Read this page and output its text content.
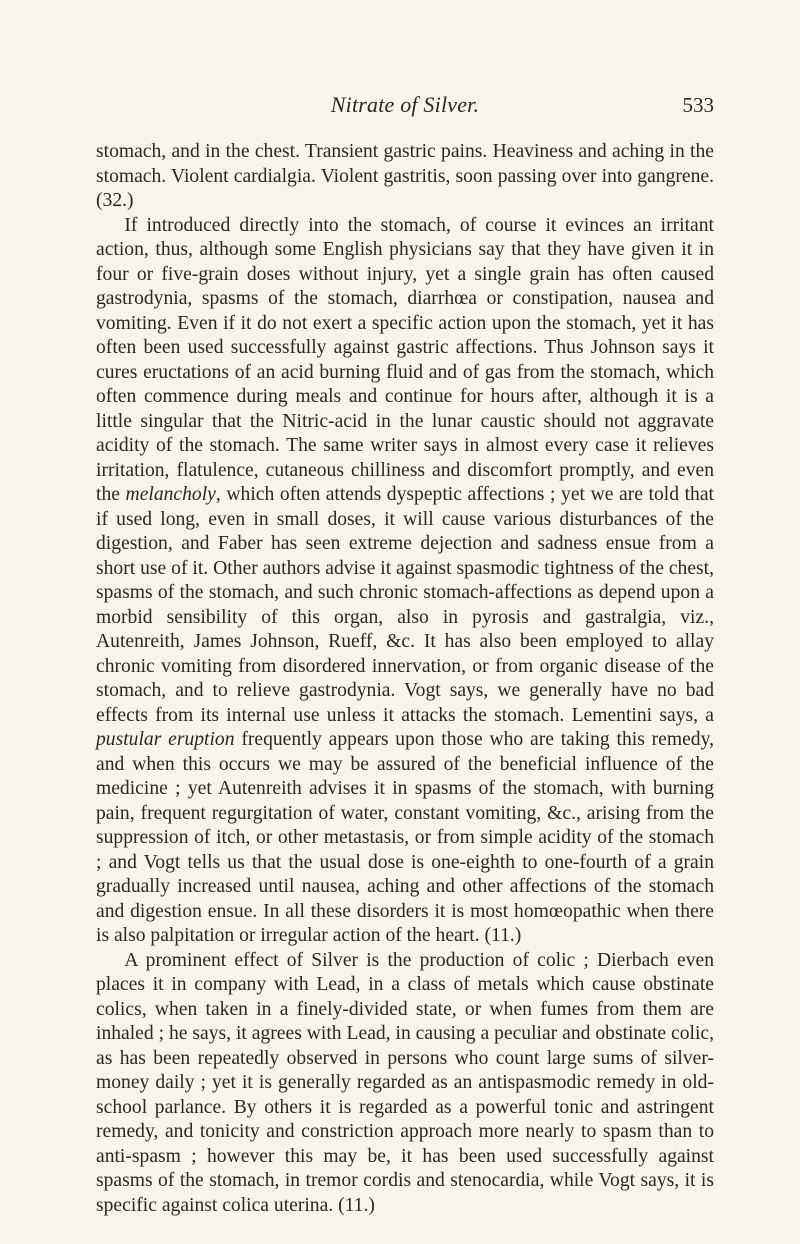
Nitrate of Silver.	533

stomach, and in the chest. Transient gastric pains. Heaviness and aching in the stomach. Violent cardialgia. Violent gastritis, soon passing over into gangrene. (32.)

If introduced directly into the stomach, of course it evinces an irritant action, thus, although some English physicians say that they have given it in four or five-grain doses without injury, yet a single grain has often caused gastrodynia, spasms of the stomach, diarrhœa or constipation, nausea and vomiting. Even if it do not exert a specific action upon the stomach, yet it has often been used successfully against gastric affections. Thus Johnson says it cures eructations of an acid burning fluid and of gas from the stomach, which often commence during meals and continue for hours after, although it is a little singular that the Nitric-acid in the lunar caustic should not aggravate acidity of the stomach. The same writer says in almost every case it relieves irritation, flatulence, cutaneous chilliness and discomfort promptly, and even the melancholy, which often attends dyspeptic affections ; yet we are told that if used long, even in small doses, it will cause various disturbances of the digestion, and Faber has seen extreme dejection and sadness ensue from a short use of it. Other authors advise it against spasmodic tightness of the chest, spasms of the stomach, and such chronic stomach-affections as depend upon a morbid sensibility of this organ, also in pyrosis and gastralgia, viz., Autenreith, James Johnson, Rueff, &c. It has also been employed to allay chronic vomiting from disordered innervation, or from organic disease of the stomach, and to relieve gastrodynia. Vogt says, we generally have no bad effects from its internal use unless it attacks the stomach. Lementini says, a pustular eruption frequently appears upon those who are taking this remedy, and when this occurs we may be assured of the beneficial influence of the medicine ; yet Autenreith advises it in spasms of the stomach, with burning pain, frequent regurgitation of water, constant vomiting, &c., arising from the suppression of itch, or other metastasis, or from simple acidity of the stomach ; and Vogt tells us that the usual dose is one-eighth to one-fourth of a grain gradually increased until nausea, aching and other affections of the stomach and digestion ensue. In all these disorders it is most homœopathic when there is also palpitation or irregular action of the heart. (11.)

A prominent effect of Silver is the production of colic ; Dierbach even places it in company with Lead, in a class of metals which cause obstinate colics, when taken in a finely-divided state, or when fumes from them are inhaled ; he says, it agrees with Lead, in causing a peculiar and obstinate colic, as has been repeatedly observed in persons who count large sums of silver-money daily ; yet it is generally regarded as an antispasmodic remedy in old-school parlance. By others it is regarded as a powerful tonic and astringent remedy, and tonicity and constriction approach more nearly to spasm than to anti-spasm ; however this may be, it has been used successfully against spasms of the stomach, in tremor cordis and stenocardia, while Vogt says, it is specific against colica uterina. (11.)
